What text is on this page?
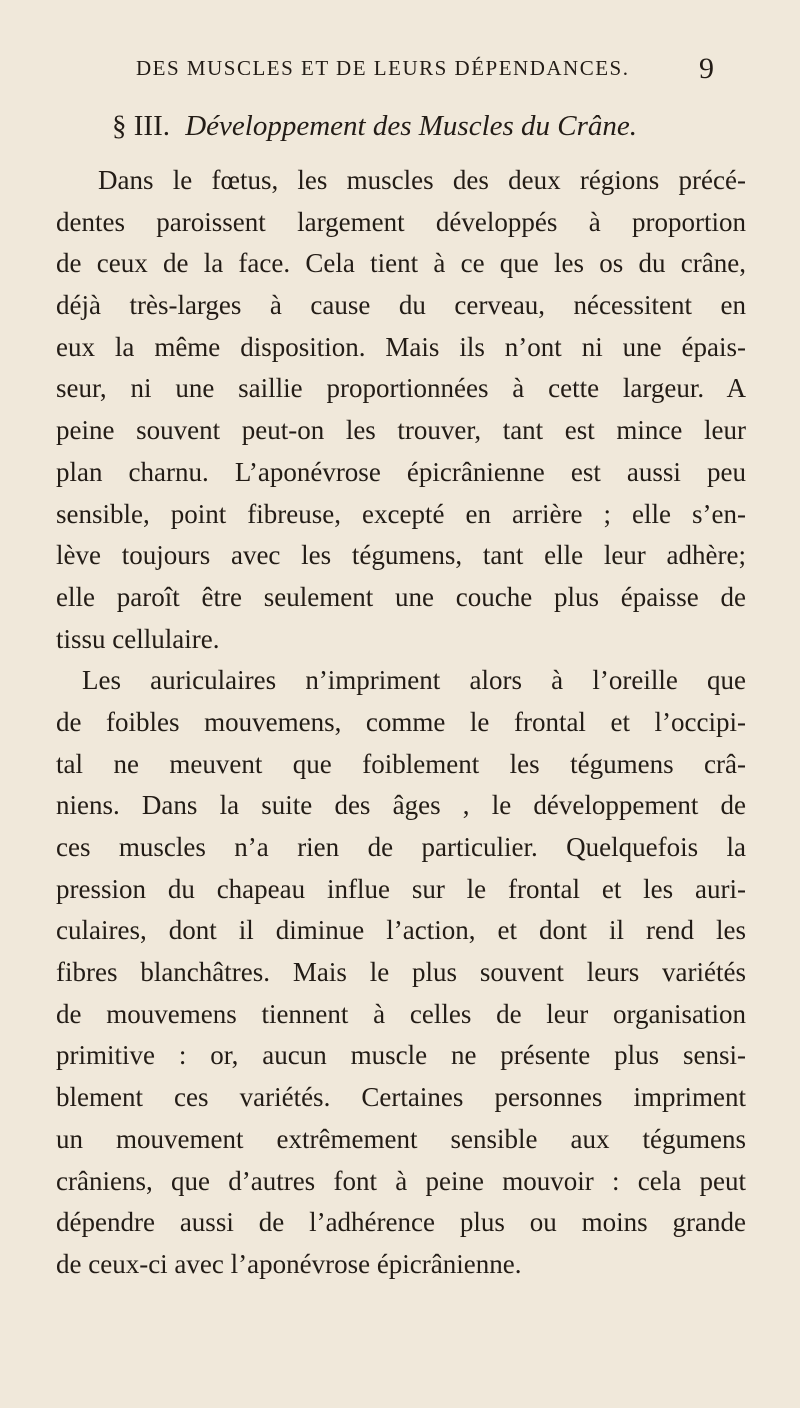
DES MUSCLES ET DE LEURS DÉPENDANCES. 9
§ III. Développement des Muscles du Crâne.
Dans le fœtus, les muscles des deux régions précé-
dentes paroissent largement développés à proportion
de ceux de la face. Cela tient à ce que les os du crâne,
déjà très-larges à cause du cerveau, nécessitent en
eux la même disposition. Mais ils n’ont ni une épais-
seur, ni une saillie proportionnées à cette largeur. A
peine souvent peut-on les trouver, tant est mince leur
plan charnu. L’aponévrose épicrânienne est aussi peu
sensible, point fibreuse, excepté en arrière ; elle s’en-
lève toujours avec les tégumens, tant elle leur adhère;
elle paroît être seulement une couche plus épaisse de
tissu cellulaire.
Les auriculaires n’impriment alors à l’oreille que
de foibles mouvemens, comme le frontal et l’occipi-
tal ne meuvent que foiblement les tégumens crâ-
niens. Dans la suite des âges , le développement de
ces muscles n’a rien de particulier. Quelquefois la
pression du chapeau influe sur le frontal et les auri-
culaires, dont il diminue l’action, et dont il rend les
fibres blanchâtres. Mais le plus souvent leurs variétés
de mouvemens tiennent à celles de leur organisation
primitive : or, aucun muscle ne présente plus sensi-
blement ces variétés. Certaines personnes impriment
un mouvement extrêmement sensible aux tégumens
crâniens, que d’autres font à peine mouvoir : cela peut
dépendre aussi de l’adhérence plus ou moins grande
de ceux-ci avec l’aponévrose épicrânienne.
